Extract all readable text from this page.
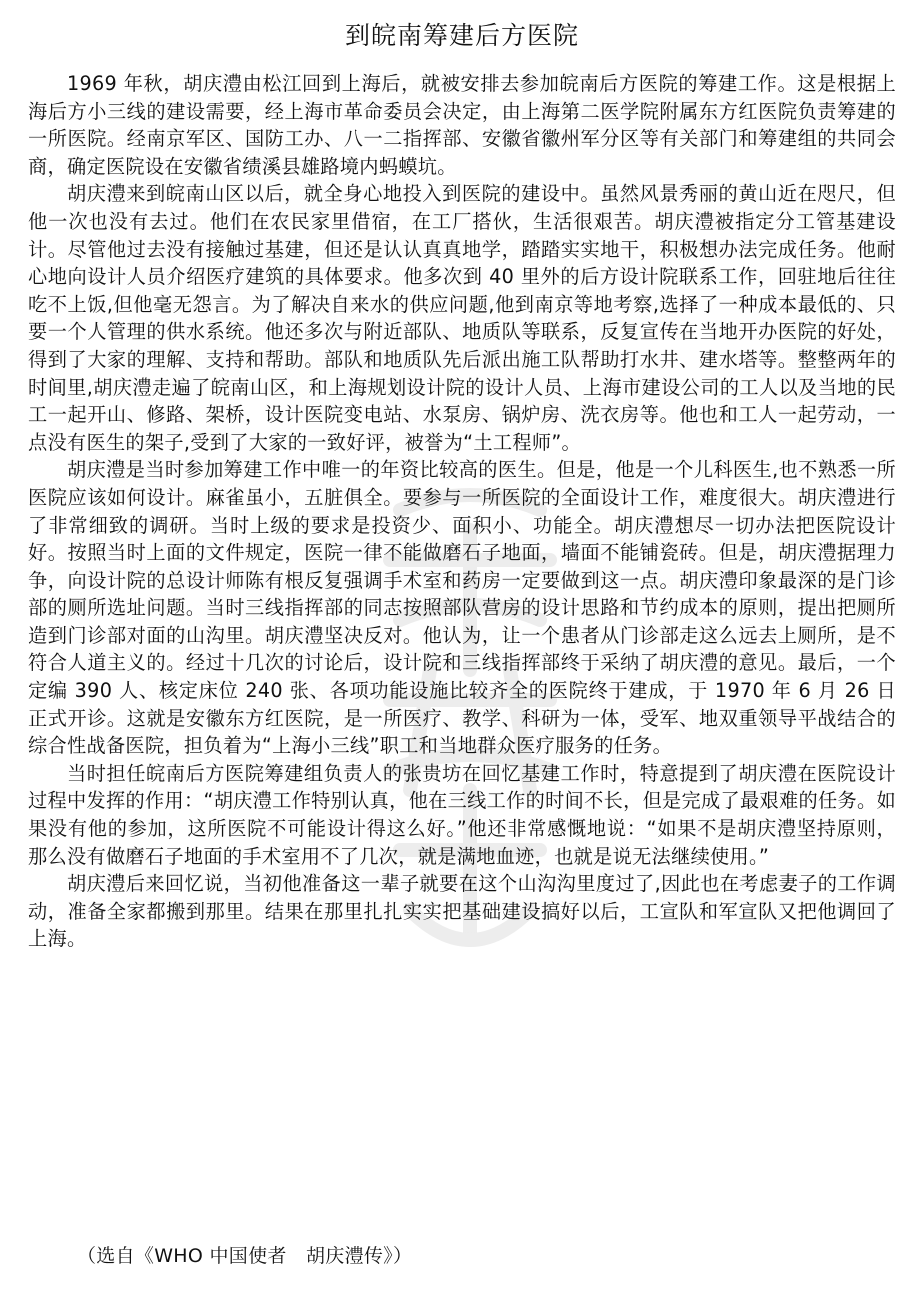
到皖南筹建后方医院

1969 年秋，胡庆澧由松江回到上海后，就被安排去参加皖南后方医院的筹建工作。这是根据上海后方小三线的建设需要，经上海市革命委员会决定，由上海第二医学院附属东方红医院负责筹建的一所医院。经南京军区、国防工办、八一二指挥部、安徽省徽州军分区等有关部门和筹建组的共同会商，确定医院设在安徽省绩溪县雄路境内蚂蟆坑。

胡庆澧来到皖南山区以后，就全身心地投入到医院的建设中。虽然风景秀丽的黄山近在咫尺，但他一次也没有去过。他们在农民家里借宿，在工厂搭伙，生活很艰苦。胡庆澧被指定分工管基建设计。尽管他过去没有接触过基建，但还是认认真真地学，踏踏实实地干，积极想办法完成任务。他耐心地向设计人员介绍医疗建筑的具体要求。他多次到 40 里外的后方设计院联系工作，回驻地后往往吃不上饭,但他毫无怨言。为了解决自来水的供应问题,他到南京等地考察,选择了一种成本最低的、只要一个人管理的供水系统。他还多次与附近部队、地质队等联系，反复宣传在当地开办医院的好处，得到了大家的理解、支持和帮助。部队和地质队先后派出施工队帮助打水井、建水塔等。整整两年的时间里,胡庆澧走遍了皖南山区，和上海规划设计院的设计人员、上海市建设公司的工人以及当地的民工一起开山、修路、架桥，设计医院变电站、水泵房、锅炉房、洗衣房等。他也和工人一起劳动，一点没有医生的架子,受到了大家的一致好评，被誉为“土工程师”。

胡庆澧是当时参加筹建工作中唯一的年资比较高的医生。但是，他是一个儿科医生,也不熟悉一所医院应该如何设计。麻雀虽小，五脏俱全。要参与一所医院的全面设计工作，难度很大。胡庆澧进行了非常细致的调研。当时上级的要求是投资少、面积小、功能全。胡庆澧想尽一切办法把医院设计好。按照当时上面的文件规定，医院一律不能做磨石子地面，墙面不能铺瓷砖。但是，胡庆澧据理力争，向设计院的总设计师陈有根反复强调手术室和药房一定要做到这一点。胡庆澧印象最深的是门诊部的厕所选址问题。当时三线指挥部的同志按照部队营房的设计思路和节约成本的原则，提出把厕所造到门诊部对面的山沟里。胡庆澧坚决反对。他认为，让一个患者从门诊部走这么远去上厕所，是不符合人道主义的。经过十几次的讨论后，设计院和三线指挥部终于采纳了胡庆澧的意见。最后，一个定编 390 人、核定床位 240 张、各项功能设施比较齐全的医院终于建成，于 1970 年 6 月 26 日正式开诊。这就是安徽东方红医院，是一所医疗、教学、科研为一体，受军、地双重领导平战结合的综合性战备医院，担负着为“上海小三线”职工和当地群众医疗服务的任务。

当时担任皖南后方医院筹建组负责人的张贵坊在回忆基建工作时，特意提到了胡庆澧在医院设计过程中发挥的作用：“胡庆澧工作特别认真，他在三线工作的时间不长，但是完成了最艰难的任务。如果没有他的参加，这所医院不可能设计得这么好。”他还非常感慨地说：“如果不是胡庆澧坚持原则，那么没有做磨石子地面的手术室用不了几次，就是满地血迹，也就是说无法继续使用。”

胡庆澧后来回忆说，当初他准备这一辈子就要在这个山沟沟里度过了,因此也在考虑妻子的工作调动，准备全家都搬到那里。结果在那里扎扎实实把基础建设搞好以后，工宣队和军宣队又把他调回了上海。

（选自《WHO 中国使者　胡庆澧传》）
